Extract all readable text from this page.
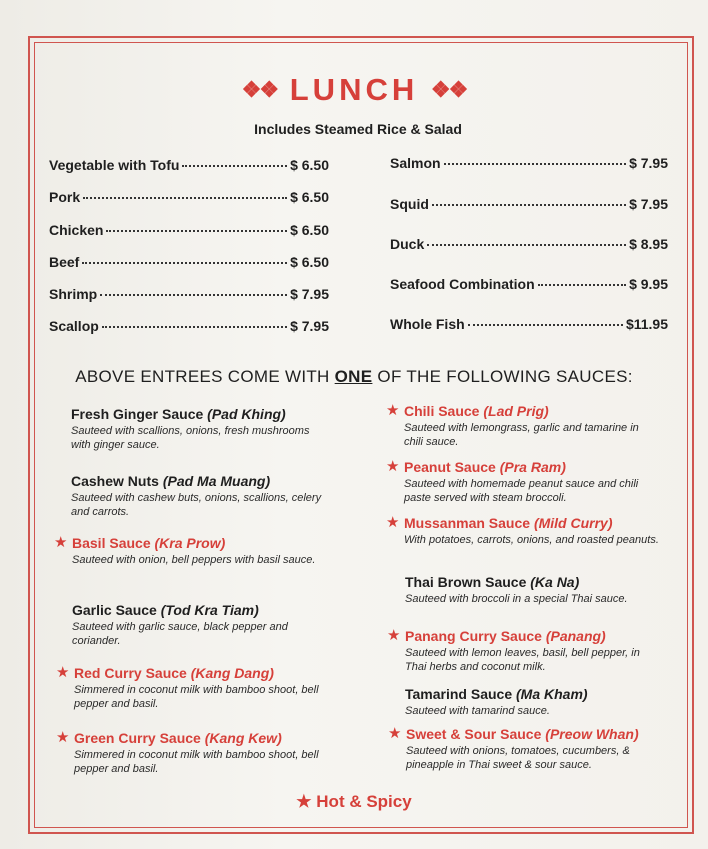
❖❖ LUNCH ❖❖
Includes Steamed Rice & Salad
Vegetable with Tofu	$ 6.50
Pork	$ 6.50
Chicken	$ 6.50
Beef	$ 6.50
Shrimp	$ 7.95
Scallop	$ 7.95
Salmon	$ 7.95
Squid	$ 7.95
Duck	$ 8.95
Seafood Combination	$ 9.95
Whole Fish	$11.95
ABOVE ENTREES COME WITH ONE OF THE FOLLOWING SAUCES:
Fresh Ginger Sauce (Pad Khing)
Sauteed with scallions, onions, fresh mushrooms with ginger sauce.
Cashew Nuts (Pad Ma Muang)
Sauteed with cashew buts, onions, scallions, celery and carrots.
★ Basil Sauce (Kra Prow)
Sauteed with onion, bell peppers with basil sauce.
Garlic Sauce (Tod Kra Tiam)
Sauteed with garlic sauce, black pepper and coriander.
★ Red Curry Sauce (Kang Dang)
Simmered in coconut milk with bamboo shoot, bell pepper and basil.
★ Green Curry Sauce (Kang Kew)
Simmered in coconut milk with bamboo shoot, bell pepper and basil.
★ Chili Sauce (Lad Prig)
Sauteed with lemongrass, garlic and tamarine in chili sauce.
★ Peanut Sauce (Pra Ram)
Sauteed with homemade peanut sauce and chili paste served with steam broccoli.
★ Mussanman Sauce (Mild Curry)
With potatoes, carrots, onions, and roasted peanuts.
Thai Brown Sauce (Ka Na)
Sauteed with broccoli in a special Thai sauce.
★ Panang Curry Sauce (Panang)
Sauteed with lemon leaves, basil, bell pepper, in Thai herbs and coconut milk.
Tamarind Sauce (Ma Kham)
Sauteed with tamarind sauce.
★ Sweet & Sour Sauce (Preow Whan)
Sauteed with onions, tomatoes, cucumbers, & pineapple in Thai sweet & sour sauce.
★ Hot & Spicy
